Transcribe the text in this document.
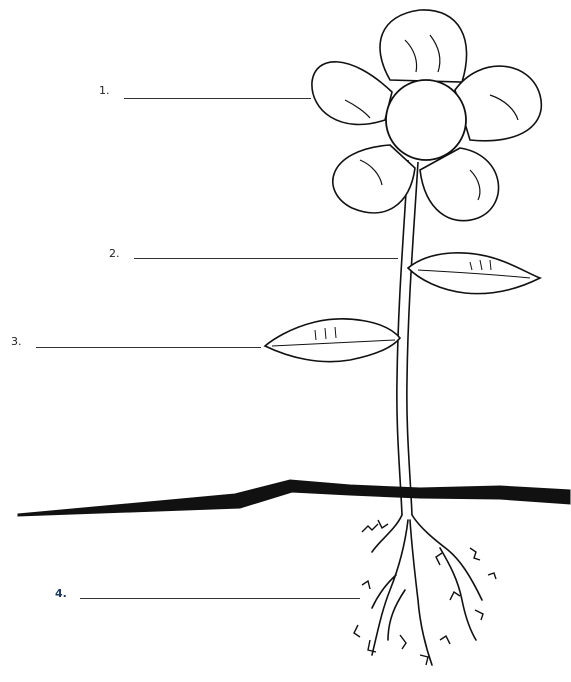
1.
2.
3.
4.
